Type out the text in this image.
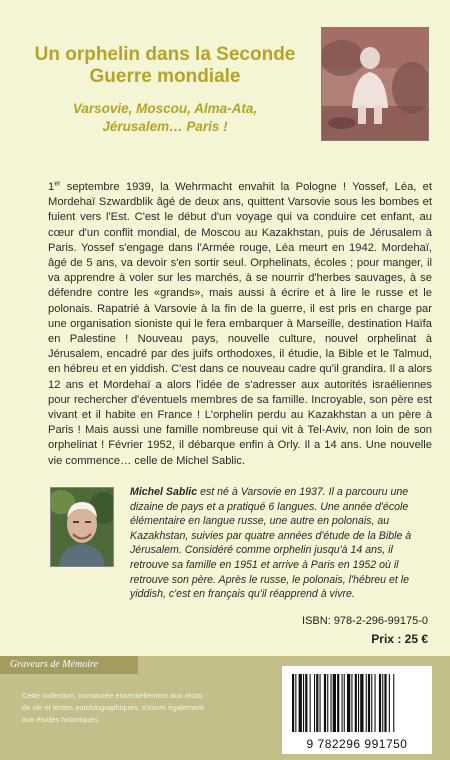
Un orphelin dans la Seconde
Guerre mondiale
Varsovie, Moscou, Alma-Ata,
Jérusalem… Paris !

1er septembre 1939, la Wehrmacht envahit la Pologne ! Yossef, Léa, et Mordehaï Szwardblik âgé de deux ans, quittent Varsovie sous les bombes et fuient vers l'Est. C'est le début d'un voyage qui va conduire cet enfant, au cœur d'un conflit mondial, de Moscou au Kazakhstan, puis de Jérusalem à Paris. Yossef s'engage dans l'Armée rouge, Léa meurt en 1942. Mordehaï, âgé de 5 ans, va devoir s'en sortir seul. Orphelinats, écoles ; pour manger, il va apprendre à voler sur les marchés, à se nourrir d'herbes sauvages, à se défendre contre les «grands», mais aussi à écrire et à lire le russe et le polonais. Rapatrié à Varsovie à la fin de la guerre, il est pris en charge par une organisation sioniste qui le fera embarquer à Marseille, destination Haïfa en Palestine ! Nouveau pays, nouvelle culture, nouvel orphelinat à Jérusalem, encadré par des juifs orthodoxes, il étudie, la Bible et le Talmud, en hébreu et en yiddish. C'est dans ce nouveau cadre qu'il grandira. Il a alors 12 ans et Mordehaï a alors l'idée de s'adresser aux autorités israéliennes pour rechercher d'éventuels membres de sa famille. Incroyable, son père est vivant et il habite en France ! L'orphelin perdu au Kazakhstan a un père à Paris ! Mais aussi une famille nombreuse qui vit à Tel-Aviv, non loin de son orphelinat ! Février 1952, il débarque enfin à Orly. Il a 14 ans. Une nouvelle vie commence… celle de Michel Sablic.

Michel Sablic est né à Varsovie en 1937. Il a parcouru une dizaine de pays et a pratiqué 6 langues. Une année d'école élémentaire en langue russe, une autre en polonais, au Kazakhstan, suivies par quatre années d'étude de la Bible à Jérusalem. Considéré comme orphelin jusqu'à 14 ans, il retrouve sa famille en 1951 et arrive à Paris en 1952 où il retrouve son père. Après le russe, le polonais, l'hébreu et le yiddish, c'est en français qu'il réapprend à vivre.

ISBN: 978-2-296-99175-0
Prix : 25 €
Graveurs de Mémoire

Cette collection, consacrée essentiellement aux récits de vie et textes autobiographiques, s'ouvre également aux études historiques.

9 782296 991750
